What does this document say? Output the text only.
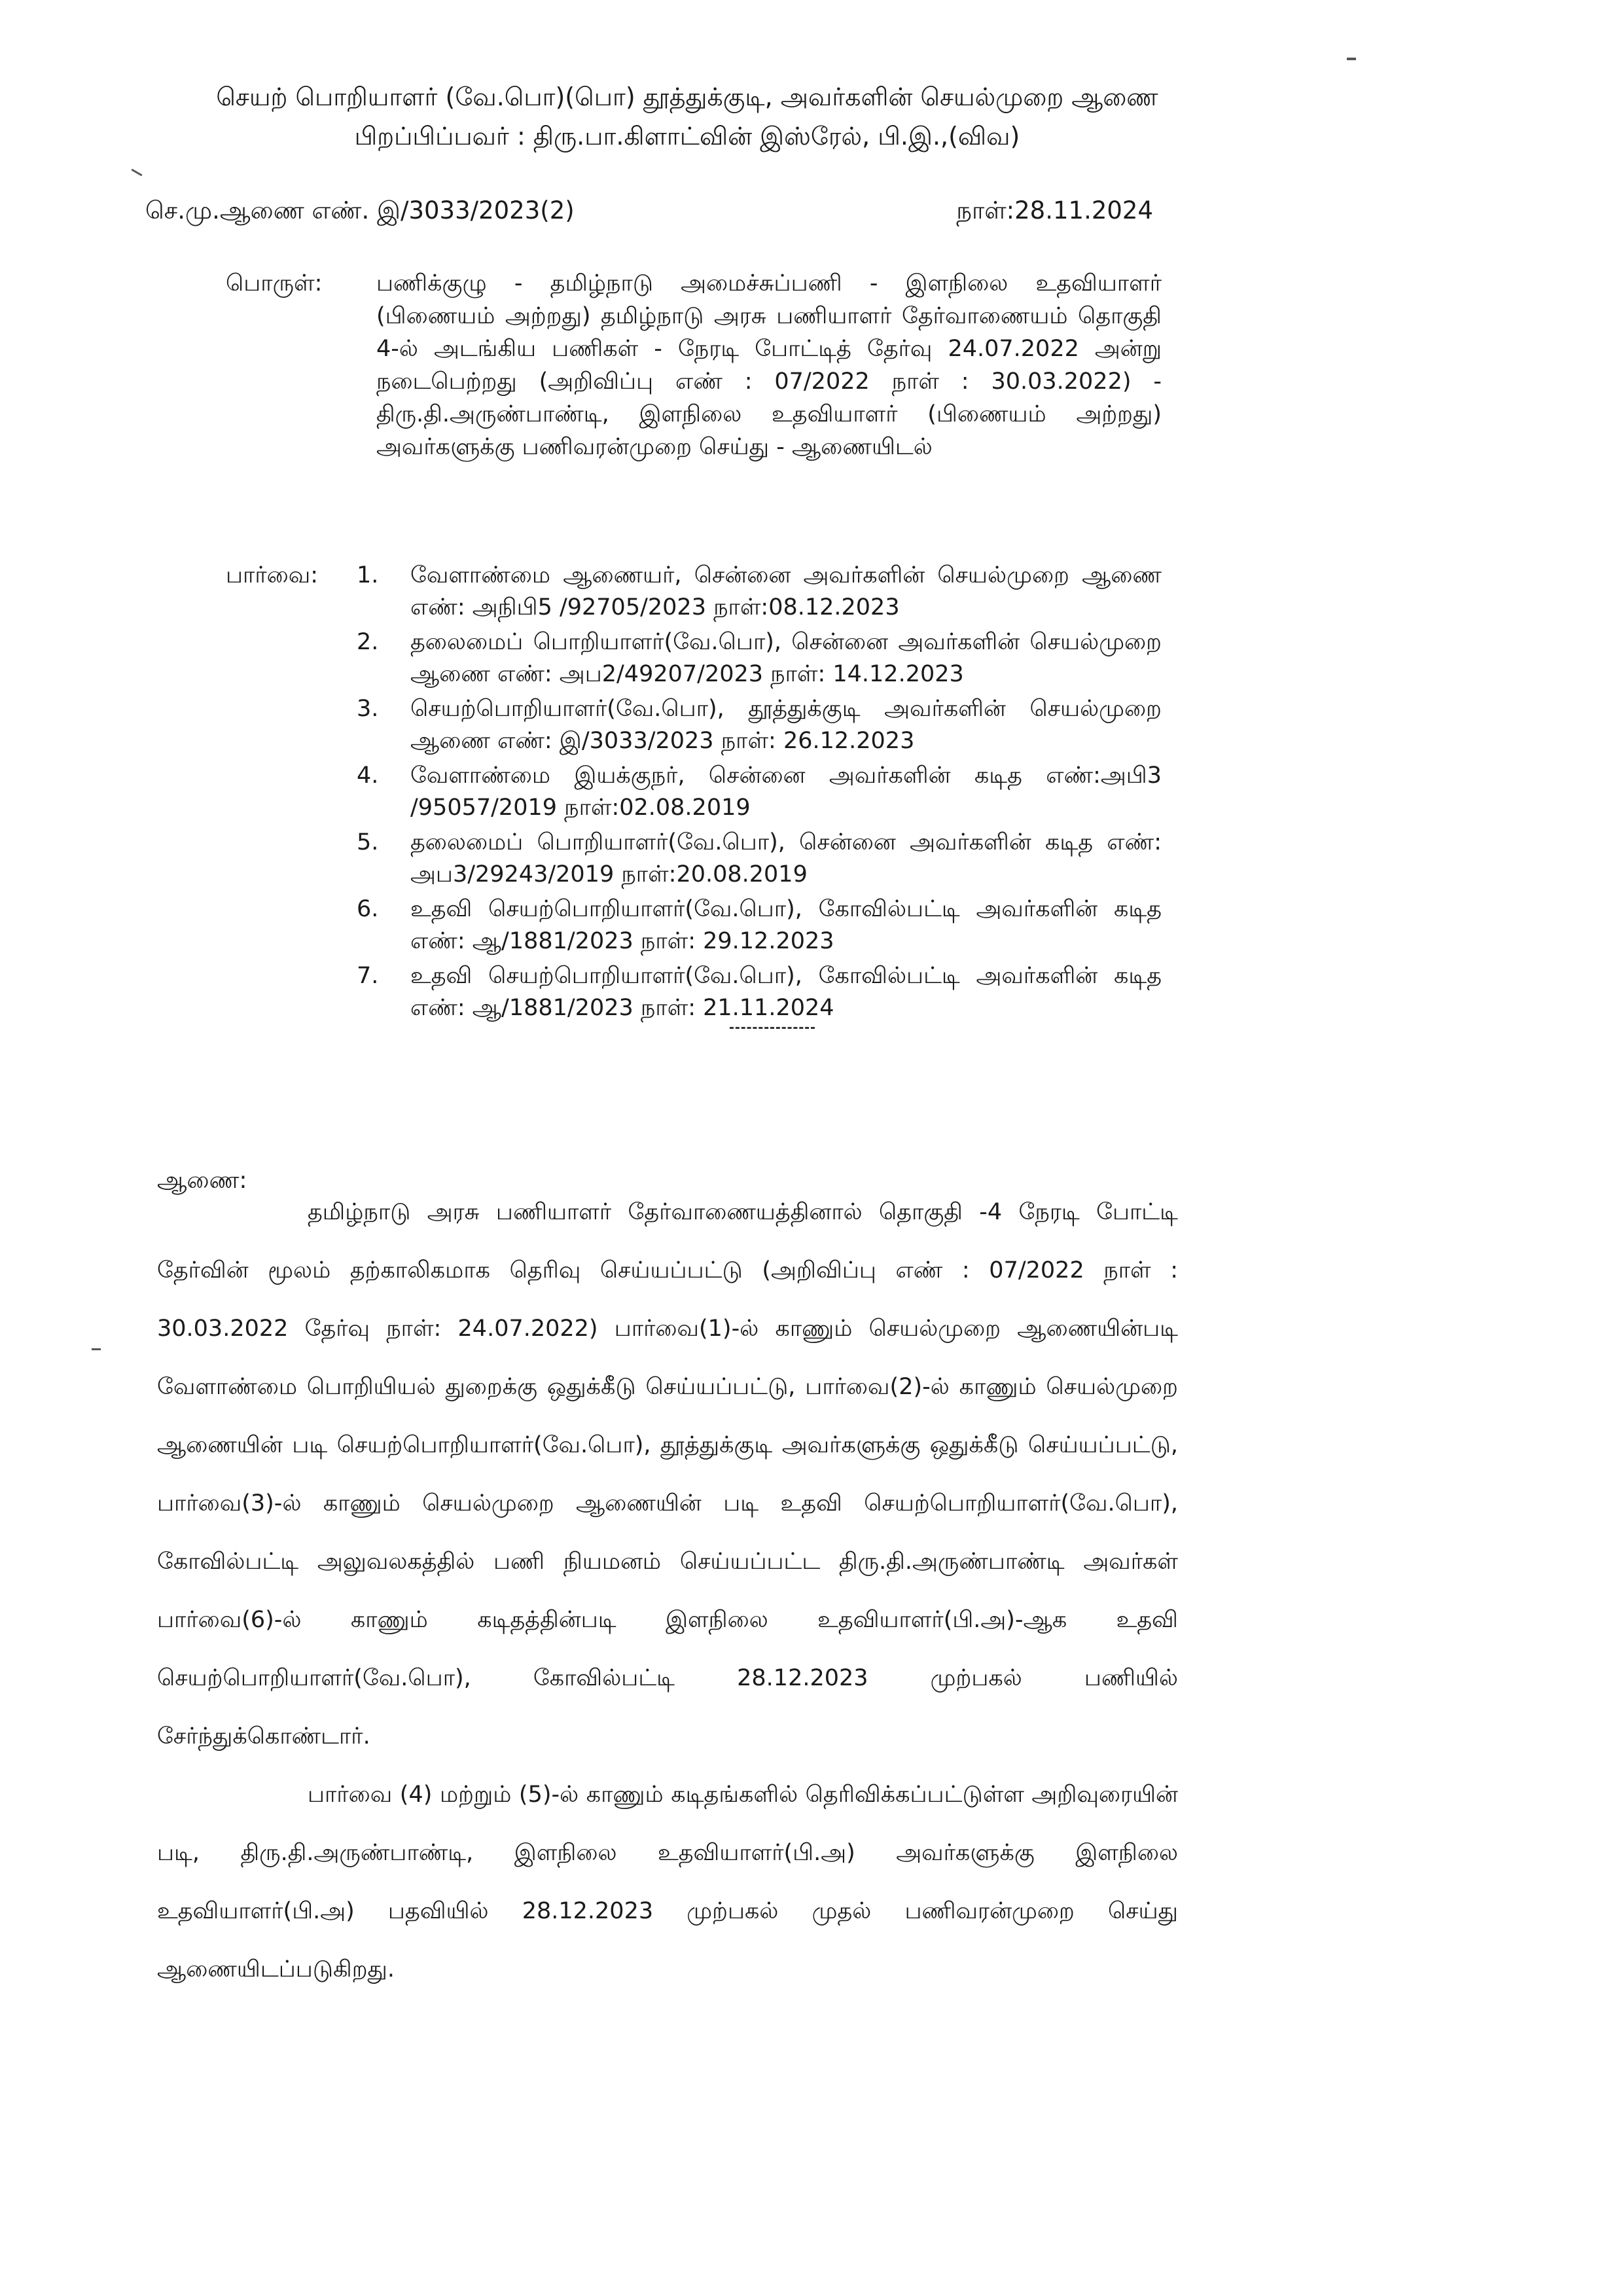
செயற் பொறியாளர் (வே.பொ)(பொ) தூத்துக்குடி, அவர்களின் செயல்முறை ஆணை
பிறப்பிப்பவர் : திரு.பா.கிளாட்வின் இஸ்ரேல், பி.இ.,(விவ)
செ.மு.ஆணை எண். இ/3033/2023(2)	நாள்:28.11.2024
பொருள்: பணிக்குழு - தமிழ்நாடு அமைச்சுப்பணி - இளநிலை உதவியாளர் (பிணையம் அற்றது) தமிழ்நாடு அரசு பணியாளர் தேர்வாணையம் தொகுதி 4-ல் அடங்கிய பணிகள் - நேரடி போட்டித் தேர்வு 24.07.2022 அன்று நடைபெற்றது (அறிவிப்பு எண் : 07/2022 நாள் : 30.03.2022) - திரு.தி.அருண்பாண்டி, இளநிலை உதவியாளர் (பிணையம் அற்றது) அவர்களுக்கு பணிவரன்முறை செய்து - ஆணையிடல்
பார்வை: 1. வேளாண்மை ஆணையர், சென்னை அவர்களின் செயல்முறை ஆணை எண்: அநிபி5 /92705/2023 நாள்:08.12.2023
2. தலைமைப் பொறியாளர்(வே.பொ), சென்னை அவர்களின் செயல்முறை ஆணை எண்: அப2/49207/2023 நாள்: 14.12.2023
3. செயற்பொறியாளர்(வே.பொ), தூத்துக்குடி அவர்களின் செயல்முறை ஆணை எண்: இ/3033/2023 நாள்: 26.12.2023
4. வேளாண்மை இயக்குநர், சென்னை அவர்களின் கடித எண்:அபி3 /95057/2019 நாள்:02.08.2019
5. தலைமைப் பொறியாளர்(வே.பொ), சென்னை அவர்களின் கடித எண்: அப3/29243/2019 நாள்:20.08.2019
6. உதவி செயற்பொறியாளர்(வே.பொ), கோவில்பட்டி அவர்களின் கடித எண்: ஆ/1881/2023 நாள்: 29.12.2023
7. உதவி செயற்பொறியாளர்(வே.பொ), கோவில்பட்டி அவர்களின் கடித எண்: ஆ/1881/2023 நாள்: 21.11.2024
ஆணை:

தமிழ்நாடு அரசு பணியாளர் தேர்வாணையத்தினால் தொகுதி -4 நேரடி போட்டி தேர்வின் மூலம் தற்காலிகமாக தெரிவு செய்யப்பட்டு (அறிவிப்பு எண் : 07/2022 நாள் : 30.03.2022 தேர்வு நாள்: 24.07.2022) பார்வை(1)-ல் காணும் செயல்முறை ஆணையின்படி வேளாண்மை பொறியியல் துறைக்கு ஒதுக்கீடு செய்யப்பட்டு, பார்வை(2)-ல் காணும் செயல்முறை ஆணையின் படி செயற்பொறியாளர்(வே.பொ), தூத்துக்குடி அவர்களுக்கு ஒதுக்கீடு செய்யப்பட்டு, பார்வை(3)-ல் காணும் செயல்முறை ஆணையின் படி உதவி செயற்பொறியாளர்(வே.பொ), கோவில்பட்டி அலுவலகத்தில் பணி நியமனம் செய்யப்பட்ட திரு.தி.அருண்பாண்டி அவர்கள் பார்வை(6)-ல் காணும் கடிதத்தின்படி இளநிலை உதவியாளர்(பி.அ)-ஆக உதவி செயற்பொறியாளர்(வே.பொ), கோவில்பட்டி 28.12.2023 முற்பகல் பணியில் சேர்ந்துக்கொண்டார்.

பார்வை (4) மற்றும் (5)-ல் காணும் கடிதங்களில் தெரிவிக்கப்பட்டுள்ள அறிவுரையின் படி, திரு.தி.அருண்பாண்டி, இளநிலை உதவியாளர்(பி.அ) அவர்களுக்கு இளநிலை உதவியாளர்(பி.அ) பதவியில் 28.12.2023 முற்பகல் முதல் பணிவரன்முறை செய்து ஆணையிடப்படுகிறது.
